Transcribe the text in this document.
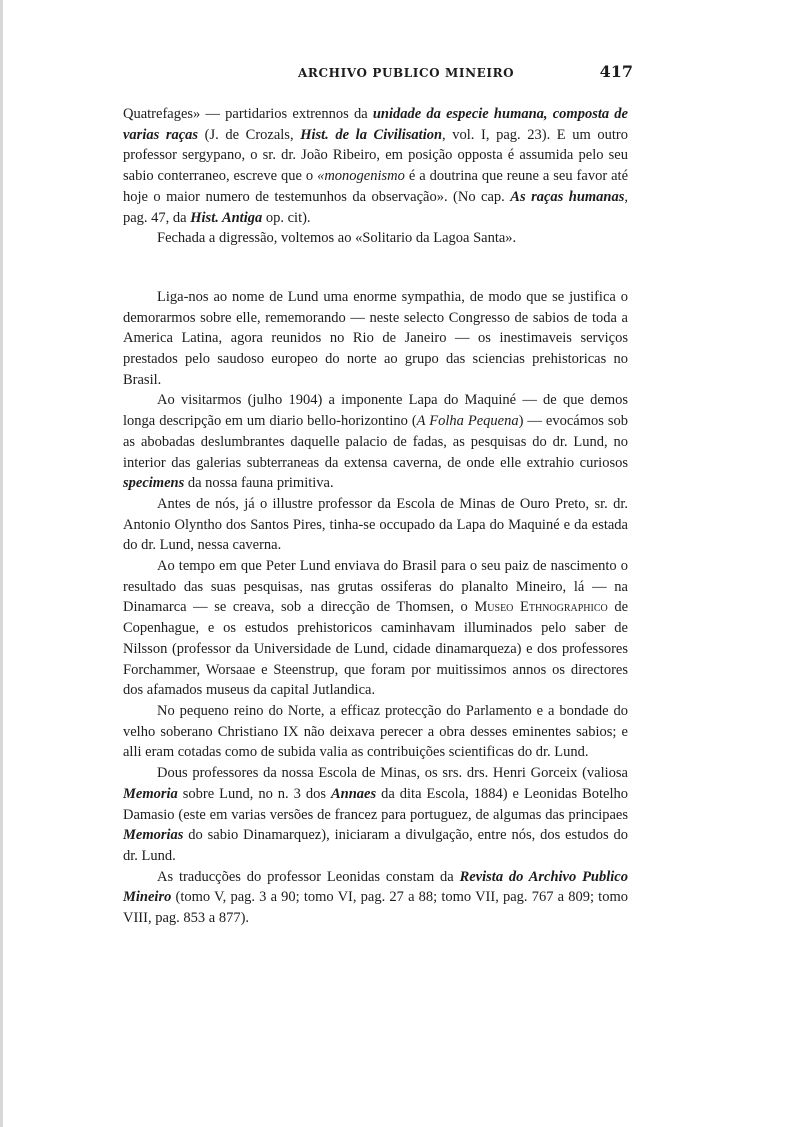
ARCHIVO PUBLICO MINEIRO	417

Quatrefages» — partidarios extrennos da unidade da especie humana, composta de varias raças (J. de Crozals, Hist. de la Civilisation, vol. I, pag. 23). E um outro professor sergypano, o sr. dr. João Ribeiro, em posição opposta é assumida pelo seu sabio conterraneo, escreve que o «monogenismo é a doutrina que reune a seu favor até hoje o maior numero de testemunhos da observação». (No cap. As raças humanas, pag. 47, da Hist. Antiga op. cit).

Fechada a digressão, voltemos ao «Solitario da Lagoa Santa».

Liga-nos ao nome de Lund uma enorme sympathia, de modo que se justifica o demorarmos sobre elle, rememorando — neste selecto Congresso de sabios de toda a America Latina, agora reunidos no Rio de Janeiro — os inestimaveis serviços prestados pelo saudoso europeo do norte ao grupo das sciencias prehistoricas no Brasil.

Ao visitarmos (julho 1904) a imponente Lapa do Maquiné — de que demos longa descripção em um diario bello-horizontino (A Folha Pequena) — evocámos sob as abobadas deslumbrantes daquelle palacio de fadas, as pesquisas do dr. Lund, no interior das galerias subterraneas da extensa caverna, de onde elle extrahio curiosos specimens da nossa fauna primitiva.

Antes de nós, já o illustre professor da Escola de Minas de Ouro Preto, sr. dr. Antonio Olyntho dos Santos Pires, tinha-se occupado da Lapa do Maquiné e da estada do dr. Lund, nessa caverna.

Ao tempo em que Peter Lund enviava do Brasil para o seu paiz de nascimento o resultado das suas pesquisas, nas grutas ossiferas do planalto Mineiro, lá — na Dinamarca — se creava, sob a direcção de Thomsen, o Museo Ethnographico de Copenhague, e os estudos prehistoricos caminhavam illuminados pelo saber de Nilsson (professor da Universidade de Lund, cidade dinamarqueza) e dos professores Forchammer, Worsaae e Steenstrup, que foram por muitissimos annos os directores dos afamados museus da capital Jutlandica.

No pequeno reino do Norte, a efficaz protecção do Parlamento e a bondade do velho soberano Christiano IX não deixava perecer a obra desses eminentes sabios; e alli eram cotadas como de subida valia as contribuições scientificas do dr. Lund.

Dous professores da nossa Escola de Minas, os srs. drs. Henri Gorceix (valiosa Memoria sobre Lund, no n. 3 dos Annaes da dita Escola, 1884) e Leonidas Botelho Damasio (este em varias versões de francez para portuguez, de algumas das principaes Memorias do sabio Dinamarquez), iniciaram a divulgação, entre nós, dos estudos do dr. Lund.

As traducções do professor Leonidas constam da Revista do Archivo Publico Mineiro (tomo V, pag. 3 a 90; tomo VI, pag. 27 a 88; tomo VII, pag. 767 a 809; tomo VIII, pag. 853 a 877).
